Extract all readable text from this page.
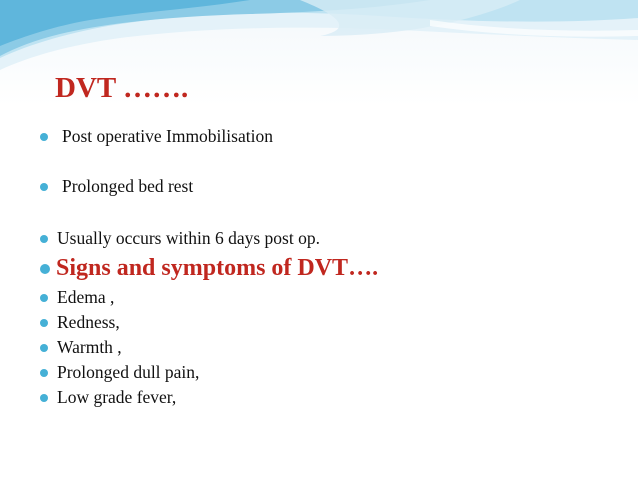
DVT …….
Post operative Immobilisation
Prolonged bed rest
Usually occurs within 6 days post op.
Signs and symptoms of DVT….
Edema ,
Redness,
Warmth ,
Prolonged dull pain,
Low grade fever,
